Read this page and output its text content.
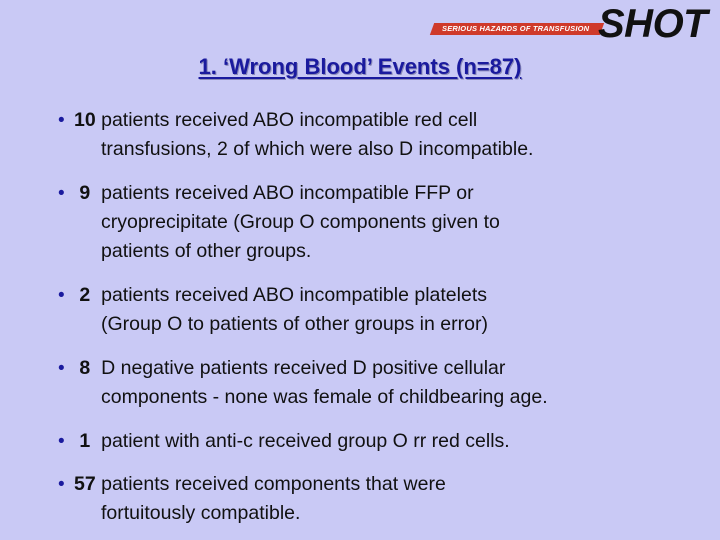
SERIOUS HAZARDS OF TRANSFUSION SHOT
1. ‘Wrong Blood’ Events (n=87)
• 10 patients received ABO incompatible red cell
transfusions, 2 of which were also D incompatible.
• 9  patients received ABO incompatible FFP or
cryoprecipitate (Group O components given to
patients of other groups.
• 2  patients received ABO incompatible platelets
(Group O to patients of other groups in error)
• 8  D negative patients received D positive cellular
components - none was female of childbearing age.
• 1  patient with anti-c received group O rr red cells.
• 57 patients received components that were
fortuitously compatible.
